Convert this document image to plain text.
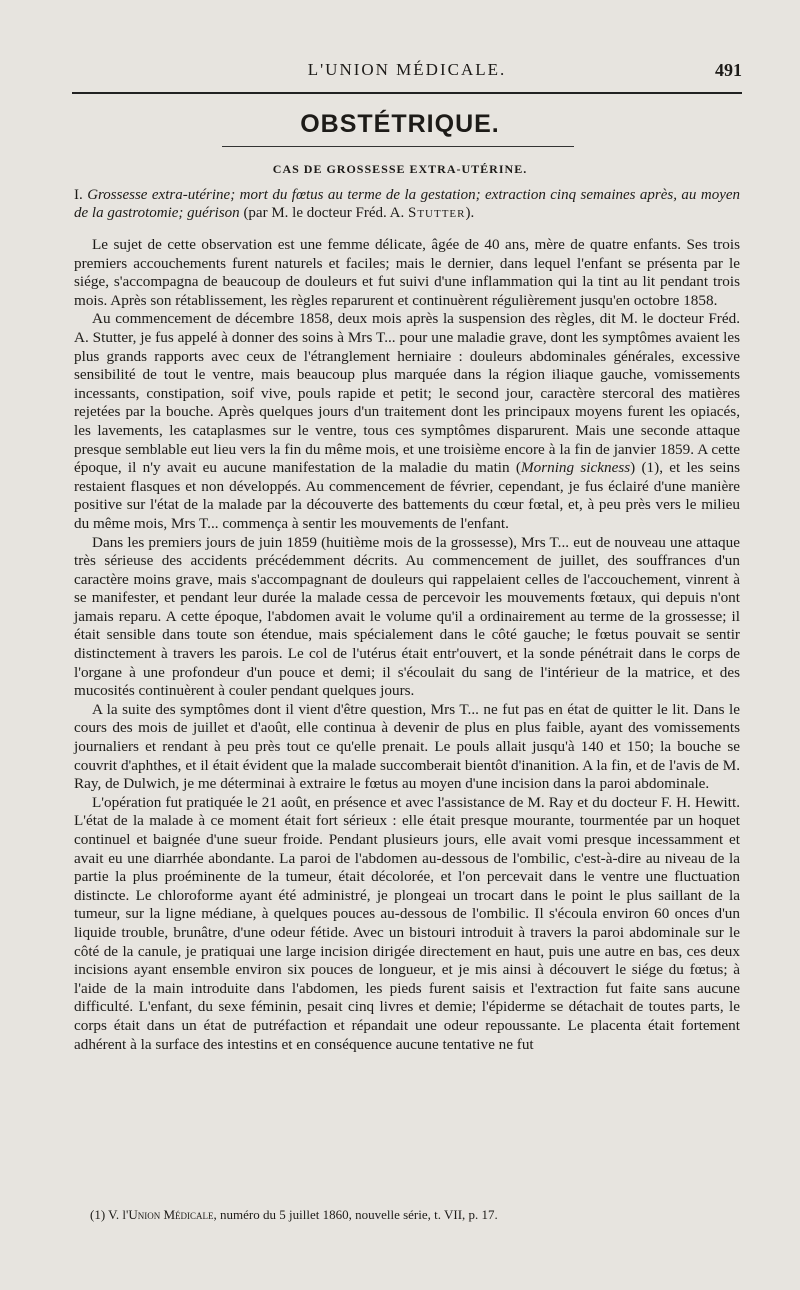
L'UNION MÉDICALE.	491
OBSTÉTRIQUE.
CAS DE GROSSESSE EXTRA-UTÉRINE.
I. Grossesse extra-utérine; mort du fœtus au terme de la gestation; extraction cinq semaines après, au moyen de la gastrotomie; guérison (par M. le docteur Fréd. A. Stutter).

Le sujet de cette observation est une femme délicate, âgée de 40 ans, mère de quatre enfants. Ses trois premiers accouchements furent naturels et faciles; mais le dernier, dans lequel l'enfant se présenta par le siége, s'accompagna de beaucoup de douleurs et fut suivi d'une inflammation qui la tint au lit pendant trois mois. Après son rétablissement, les règles reparurent et continuèrent régulièrement jusqu'en octobre 1858.

Au commencement de décembre 1858, deux mois après la suspension des règles, dit M. le docteur Fréd. A. Stutter, je fus appelé à donner des soins à Mrs T... pour une maladie grave, dont les symptômes avaient les plus grands rapports avec ceux de l'étranglement herniaire : douleurs abdominales générales, excessive sensibilité de tout le ventre, mais beaucoup plus marquée dans la région iliaque gauche, vomissements incessants, constipation, soif vive, pouls rapide et petit; le second jour, caractère stercoral des matières rejetées par la bouche. Après quelques jours d'un traitement dont les principaux moyens furent les opiacés, les lavements, les cataplasmes sur le ventre, tous ces symptômes disparurent. Mais une seconde attaque presque semblable eut lieu vers la fin du même mois, et une troisième encore à la fin de janvier 1859. A cette époque, il n'y avait eu aucune manifestation de la maladie du matin (Morning sickness) (1), et les seins restaient flasques et non développés. Au commencement de février, cependant, je fus éclairé d'une manière positive sur l'état de la malade par la découverte des battements du cœur fœtal, et, à peu près vers le milieu du même mois, Mrs T... commença à sentir les mouvements de l'enfant.

Dans les premiers jours de juin 1859 (huitième mois de la grossesse), Mrs T... eut de nouveau une attaque très sérieuse des accidents précédemment décrits. Au commencement de juillet, des souffrances d'un caractère moins grave, mais s'accompagnant de douleurs qui rappelaient celles de l'accouchement, vinrent à se manifester, et pendant leur durée la malade cessa de percevoir les mouvements fœtaux, qui depuis n'ont jamais reparu. A cette époque, l'abdomen avait le volume qu'il a ordinairement au terme de la grossesse; il était sensible dans toute son étendue, mais spécialement dans le côté gauche; le fœtus pouvait se sentir distinctement à travers les parois. Le col de l'utérus était entr'ouvert, et la sonde pénétrait dans le corps de l'organe à une profondeur d'un pouce et demi; il s'écoulait du sang de l'intérieur de la matrice, et des mucosités continuèrent à couler pendant quelques jours.

A la suite des symptômes dont il vient d'être question, Mrs T... ne fut pas en état de quitter le lit. Dans le cours des mois de juillet et d'août, elle continua à devenir de plus en plus faible, ayant des vomissements journaliers et rendant à peu près tout ce qu'elle prenait. Le pouls allait jusqu'à 140 et 150; la bouche se couvrit d'aphthes, et il était évident que la malade succomberait bientôt d'inanition. A la fin, et de l'avis de M. Ray, de Dulwich, je me déterminai à extraire le fœtus au moyen d'une incision dans la paroi abdominale.

L'opération fut pratiquée le 21 août, en présence et avec l'assistance de M. Ray et du docteur F. H. Hewitt. L'état de la malade à ce moment était fort sérieux : elle était presque mourante, tourmentée par un hoquet continuel et baignée d'une sueur froide. Pendant plusieurs jours, elle avait vomi presque incessamment et avait eu une diarrhée abondante. La paroi de l'abdomen au-dessous de l'ombilic, c'est-à-dire au niveau de la partie la plus proéminente de la tumeur, était décolorée, et l'on percevait dans le ventre une fluctuation distincte. Le chloroforme ayant été administré, je plongeai un trocart dans le point le plus saillant de la tumeur, sur la ligne médiane, à quelques pouces au-dessous de l'ombilic. Il s'écoula environ 60 onces d'un liquide trouble, brunâtre, d'une odeur fétide. Avec un bistouri introduit à travers la paroi abdominale sur le côté de la canule, je pratiquai une large incision dirigée directement en haut, puis une autre en bas, ces deux incisions ayant ensemble environ six pouces de longueur, et je mis ainsi à découvert le siége du fœtus; à l'aide de la main introduite dans l'abdomen, les pieds furent saisis et l'extraction fut faite sans aucune difficulté. L'enfant, du sexe féminin, pesait cinq livres et demie; l'épiderme se détachait de toutes parts, le corps était dans un état de putréfaction et répandait une odeur repoussante. Le placenta était fortement adhérent à la surface des intestins et en conséquence aucune tentative ne fut

(1) V. l'Union Médicale, numéro du 5 juillet 1860, nouvelle série, t. VII, p. 17.
